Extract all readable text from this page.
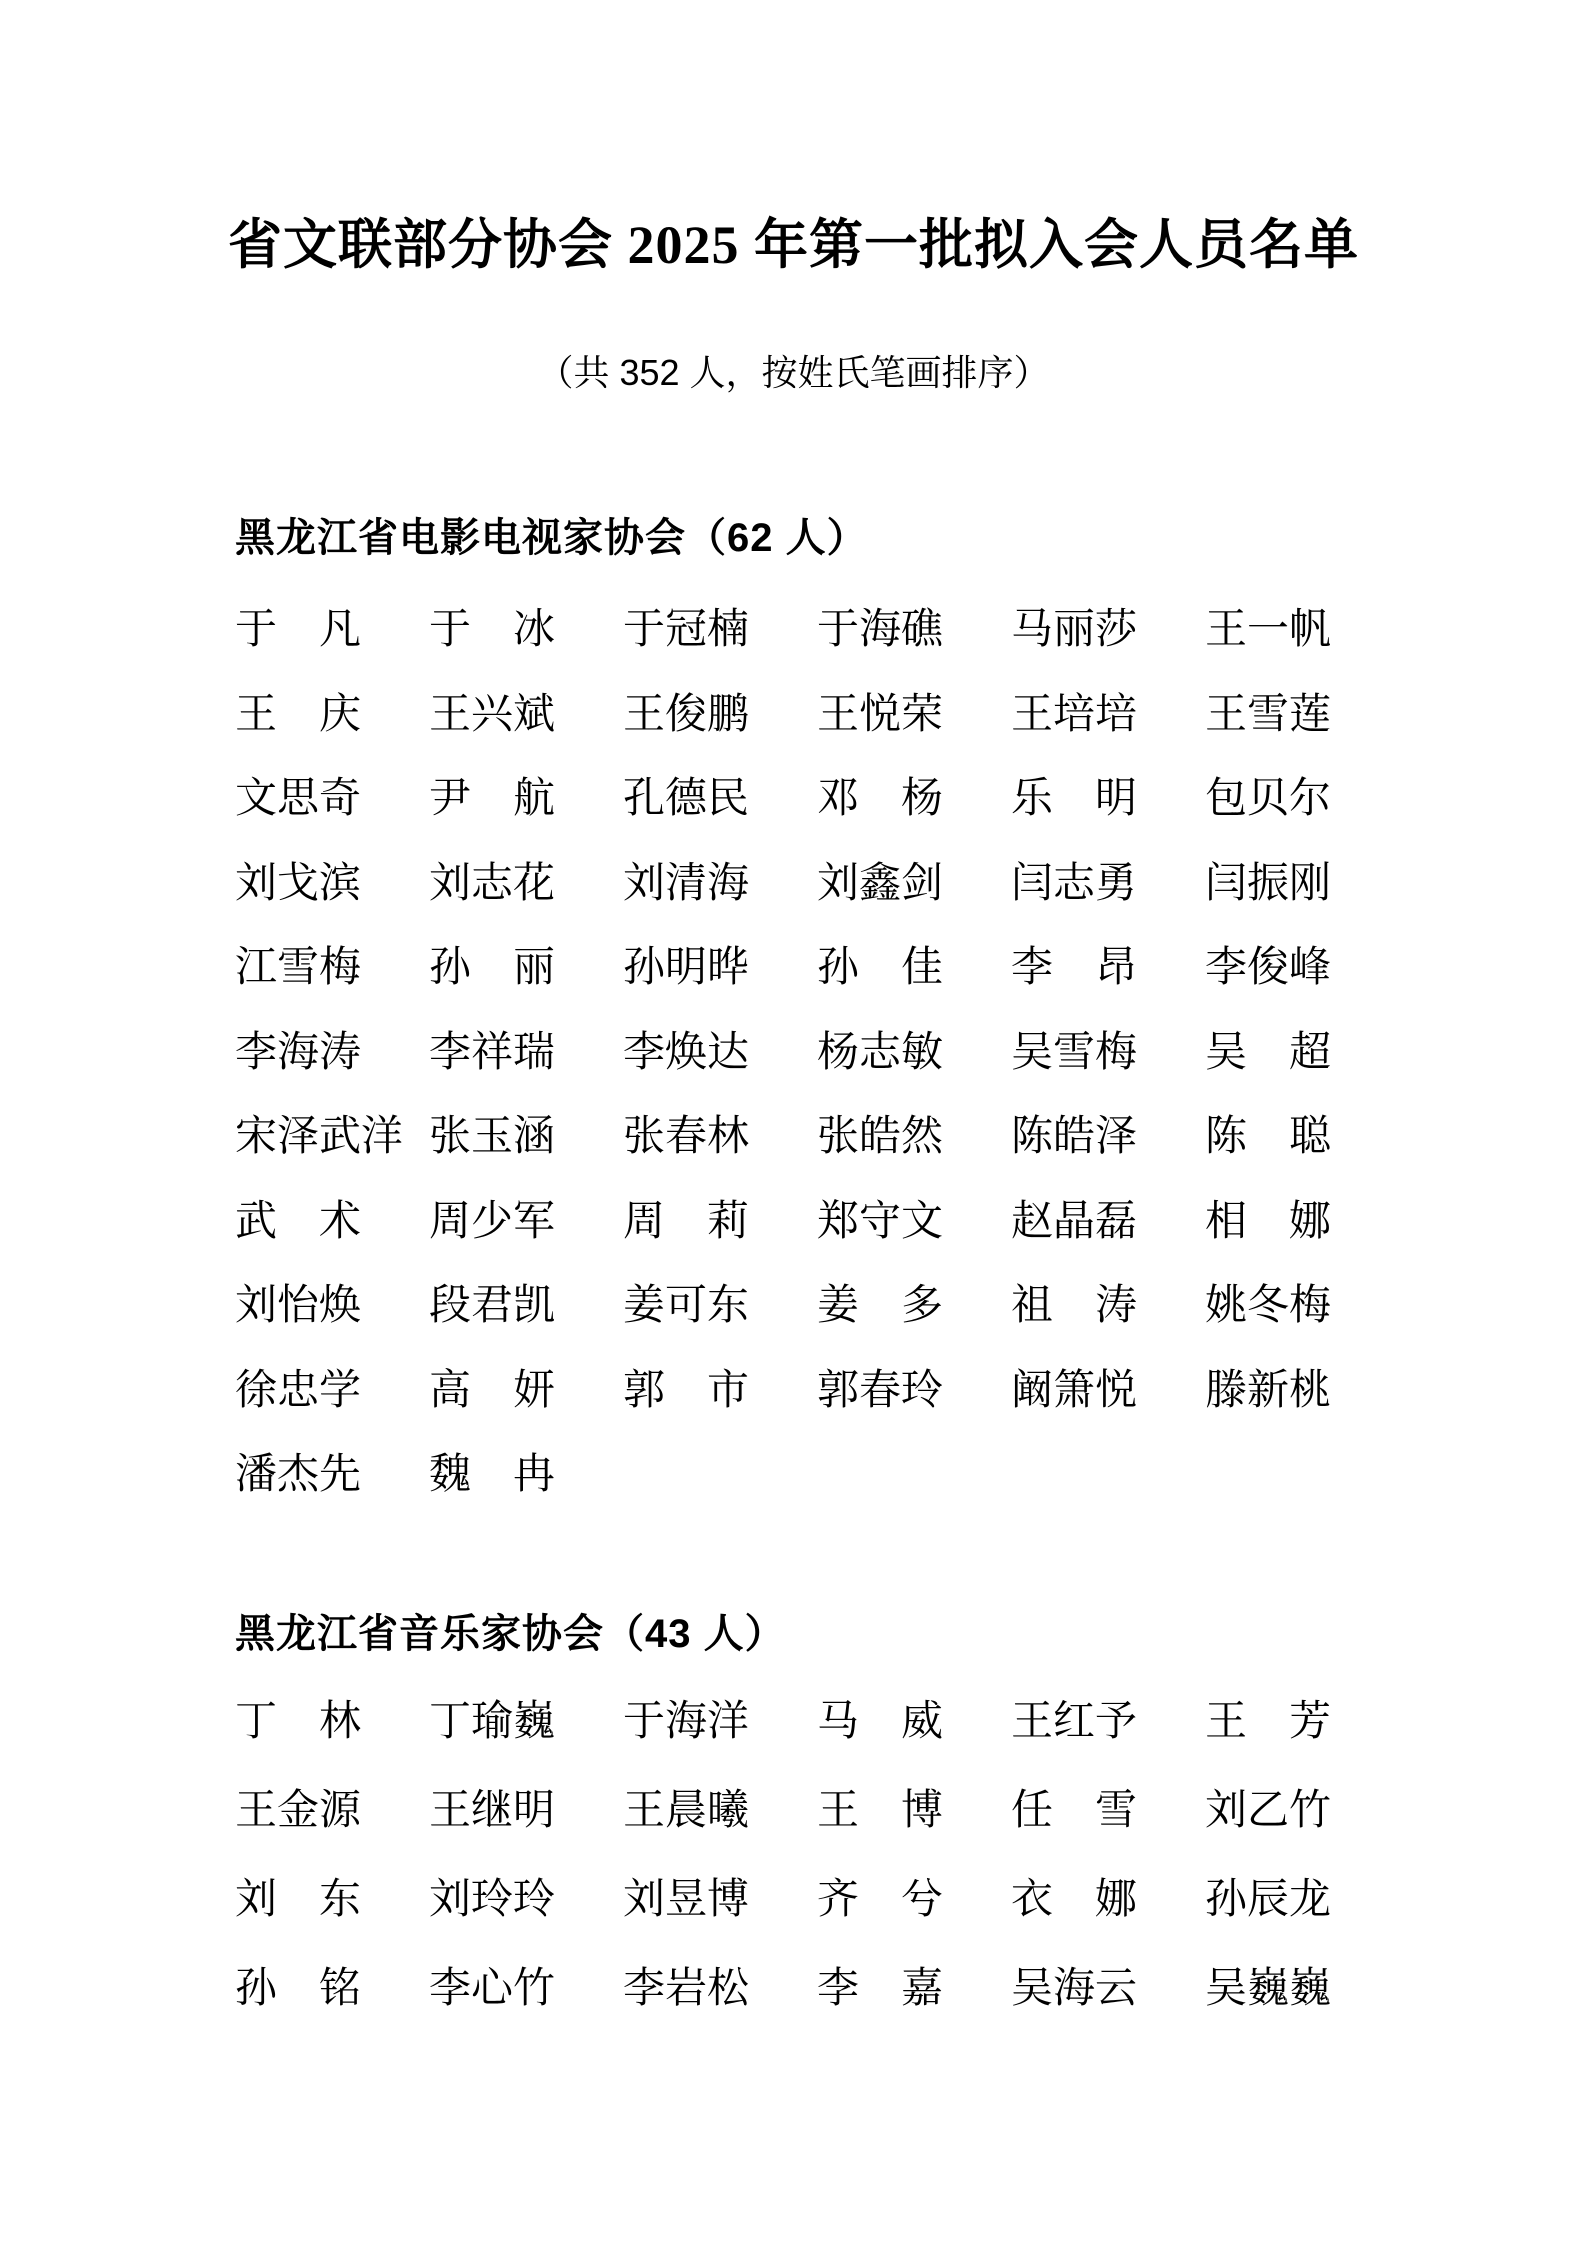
省文联部分协会 2025 年第一批拟入会人员名单
（共 352 人，按姓氏笔画排序）
黑龙江省电影电视家协会（62 人）
于凡 于冰 于冠楠 于海礁 马丽莎 王一帆
王庆 王兴斌 王俊鹏 王悦荣 王培培 王雪莲
文思奇 尹航 孔德民 邓杨 乐明 包贝尔
刘戈滨 刘志花 刘清海 刘鑫剑 闫志勇 闫振刚
江雪梅 孙丽 孙明晔 孙佳 李昂 李俊峰
李海涛 李祥瑞 李焕达 杨志敏 吴雪梅 吴超
宋泽武洋 张玉涵 张春林 张皓然 陈皓泽 陈聪
武术 周少军 周莉 郑守文 赵晶磊 相娜
刘怡焕 段君凯 姜可东 姜多 祖涛 姚冬梅
徐忠学 高妍 郭市 郭春玲 阚箫悦 滕新桃
潘杰先 魏冉
黑龙江省音乐家协会（43 人）
丁林 丁瑜巍 于海洋 马威 王红予 王芳
王金源 王继明 王晨曦 王博 任雪 刘乙竹
刘东 刘玲玲 刘昱博 齐兮 衣娜 孙辰龙
孙铭 李心竹 李岩松 李嘉 吴海云 吴巍巍
